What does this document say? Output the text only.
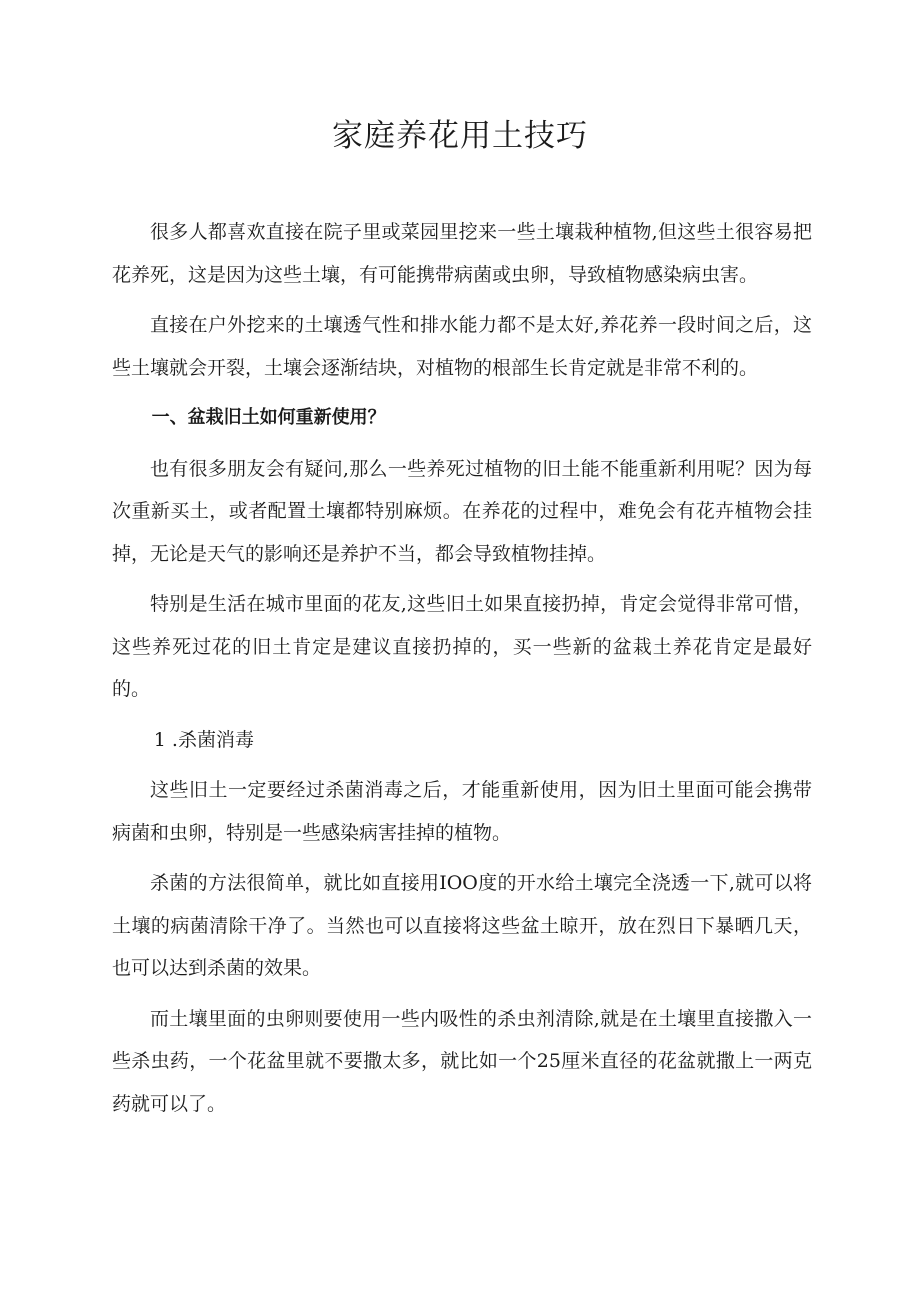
家庭养花用土技巧

很多人都喜欢直接在院子里或菜园里挖来一些土壤栽种植物,但这些土很容易把花养死，这是因为这些土壤，有可能携带病菌或虫卵，导致植物感染病虫害。

直接在户外挖来的土壤透气性和排水能力都不是太好,养花养一段时间之后，这些土壤就会开裂，土壤会逐渐结块，对植物的根部生长肯定就是非常不利的。

一、盆栽旧土如何重新使用？

也有很多朋友会有疑问,那么一些养死过植物的旧土能不能重新利用呢？因为每次重新买土，或者配置土壤都特别麻烦。在养花的过程中，难免会有花卉植物会挂掉，无论是天气的影响还是养护不当，都会导致植物挂掉。

特别是生活在城市里面的花友,这些旧土如果直接扔掉，肯定会觉得非常可惜，这些养死过花的旧土肯定是建议直接扔掉的，买一些新的盆栽土养花肯定是最好的。

1 .杀菌消毒

这些旧土一定要经过杀菌消毒之后，才能重新使用，因为旧土里面可能会携带病菌和虫卵，特别是一些感染病害挂掉的植物。

杀菌的方法很简单，就比如直接用IOO度的开水给土壤完全浇透一下,就可以将土壤的病菌清除干净了。当然也可以直接将这些盆土晾开，放在烈日下暴晒几天，也可以达到杀菌的效果。

而土壤里面的虫卵则要使用一些内吸性的杀虫剂清除,就是在土壤里直接撒入一些杀虫药，一个花盆里就不要撒太多，就比如一个25厘米直径的花盆就撒上一两克药就可以了。
